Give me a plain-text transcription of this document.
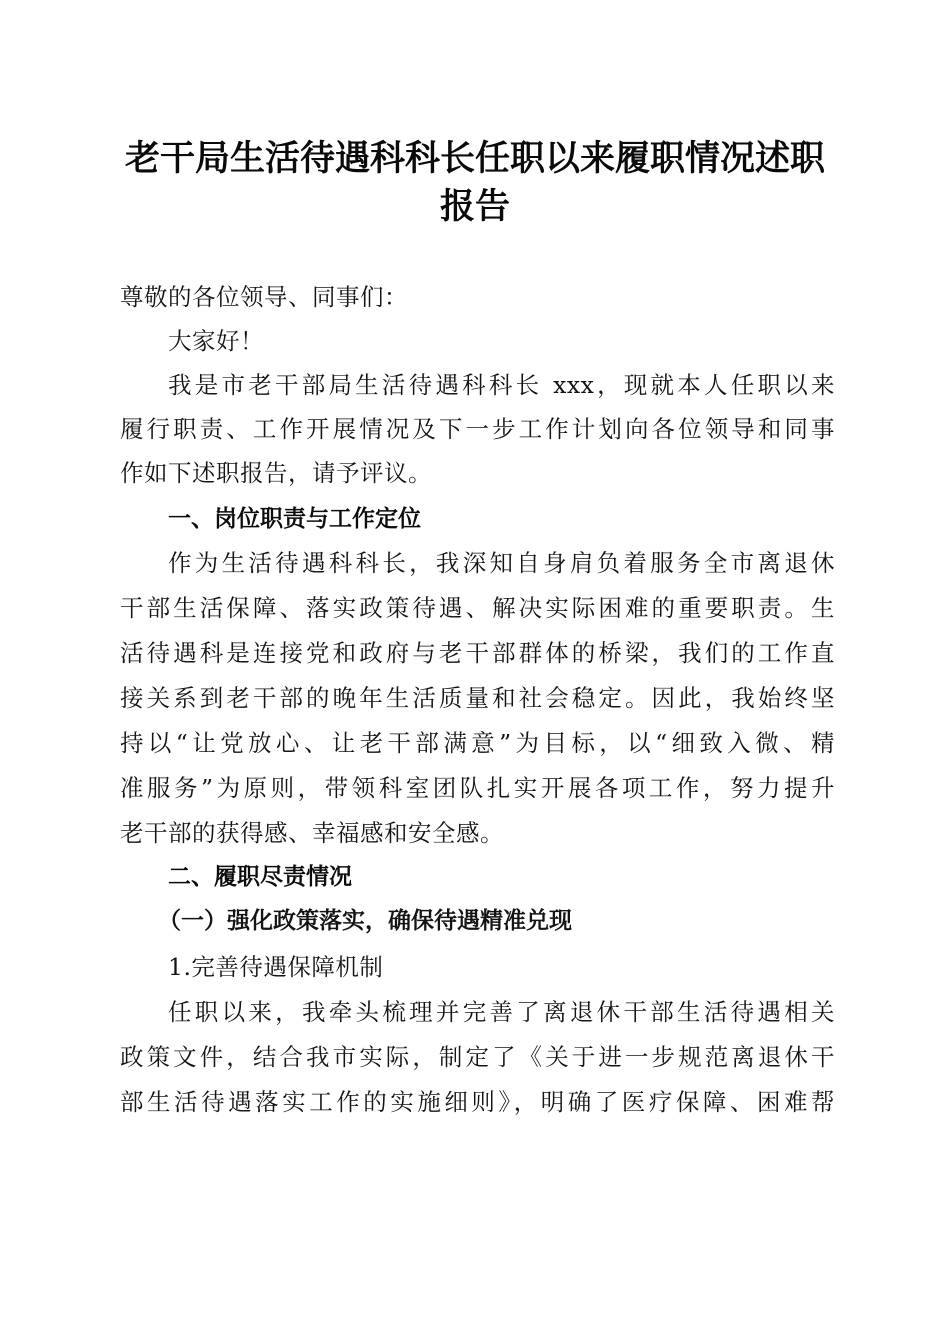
老干局生活待遇科科长任职以来履职情况述职
报告
尊敬的各位领导、同事们：
大家好！
我是市老干部局生活待遇科科长 xxx，现就本人任职以来
履行职责、工作开展情况及下一步工作计划向各位领导和同事
作如下述职报告，请予评议。
一、岗位职责与工作定位
作为生活待遇科科长，我深知自身肩负着服务全市离退休
干部生活保障、落实政策待遇、解决实际困难的重要职责。生
活待遇科是连接党和政府与老干部群体的桥梁，我们的工作直
接关系到老干部的晚年生活质量和社会稳定。因此，我始终坚
持以“让党放心、让老干部满意”为目标，以“细致入微、精
准服务”为原则，带领科室团队扎实开展各项工作，努力提升
老干部的获得感、幸福感和安全感。
二、履职尽责情况
（一）强化政策落实，确保待遇精准兑现
1.完善待遇保障机制
任职以来，我牵头梳理并完善了离退休干部生活待遇相关
政策文件，结合我市实际，制定了《关于进一步规范离退休干
部生活待遇落实工作的实施细则》，明确了医疗保障、困难帮
